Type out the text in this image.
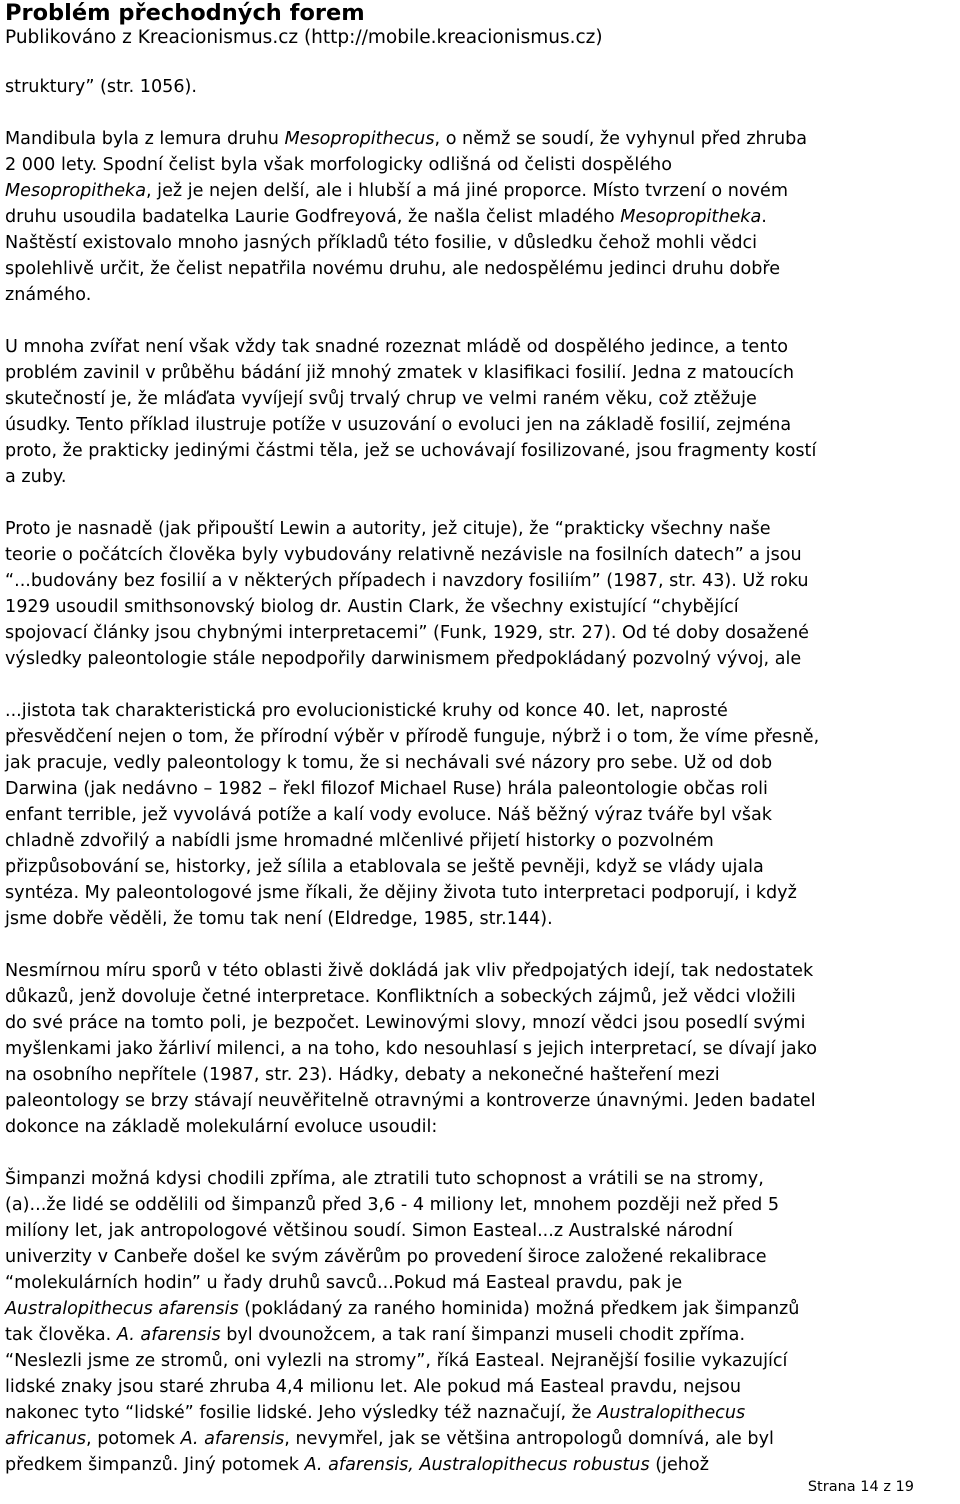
Problém přechodných forem
Publikováno z Kreacionismus.cz (http://mobile.kreacionismus.cz)
struktury” (str. 1056).
Mandibula byla z lemura druhu Mesopropithecus, o němž se soudí, že vyhynul před zhruba
2 000 lety. Spodní čelist byla však morfologicky odlišná od čelisti dospělého
Mesopropitheka, jež je nejen delší, ale i hlubší a má jiné proporce. Místo tvrzení o novém
druhu usoudila badatelka Laurie Godfreyová, že našla čelist mladého Mesopropitheka.
Naštěstí existovalo mnoho jasných příkladů této fosilie, v důsledku čehož mohli vědci
spolehlivě určit, že čelist nepatřila novému druhu, ale nedospělému jedinci druhu dobře
známého.
U mnoha zvířat není však vždy tak snadné rozeznat mládě od dospělého jedince, a tento
problém zavinil v průběhu bádání již mnohý zmatek v klasifikaci fosilií. Jedna z matoucích
skutečností je, že mláďata vyvíjejí svůj trvalý chrup ve velmi raném věku, což ztěžuje
úsudky. Tento příklad ilustruje potíže v usuzování o evoluci jen na základě fosilií, zejména
proto, že prakticky jedinými částmi těla, jež se uchovávají fosilizované, jsou fragmenty kostí
a zuby.
Proto je nasnadě (jak připouští Lewin a autority, jež cituje), že “prakticky všechny naše
teorie o počátcích člověka byly vybudovány relativně nezávisle na fosilních datech” a jsou
“...budovány bez fosilií a v některých případech i navzdory fosiliím” (1987, str. 43). Už roku
1929 usoudil smithsonovský biolog dr. Austin Clark, že všechny existující “chybějící
spojovací články jsou chybnými interpretacemi” (Funk, 1929, str. 27). Od té doby dosažené
výsledky paleontologie stále nepodpořily darwinismem předpokládaný pozvolný vývoj, ale
...jistota tak charakteristická pro evolucionistické kruhy od konce 40. let, naprosté
přesvědčení nejen o tom, že přírodní výběr v přírodě funguje, nýbrž i o tom, že víme přesně,
jak pracuje, vedly paleontology k tomu, že si nechávali své názory pro sebe. Už od dob
Darwina (jak nedávno – 1982 – řekl filozof Michael Ruse) hrála paleontologie občas roli
enfant terrible, jež vyvolává potíže a kalí vody evoluce. Náš běžný výraz tváře byl však
chladně zdvořilý a nabídli jsme hromadné mlčenlivé přijetí historky o pozvolném
přizpůsobování se, historky, jež sílila a etablovala se ještě pevněji, když se vlády ujala
syntéza. My paleontologové jsme říkali, že dějiny života tuto interpretaci podporují, i když
jsme dobře věděli, že tomu tak není (Eldredge, 1985, str.144).
Nesmírnou míru sporů v této oblasti živě dokládá jak vliv předpojatých idejí, tak nedostatek
důkazů, jenž dovoluje četné interpretace. Konfliktních a sobeckých zájmů, jež vědci vložili
do své práce na tomto poli, je bezpočet. Lewinovými slovy, mnozí vědci jsou posedlí svými
myšlenkami jako žárliví milenci, a na toho, kdo nesouhlasí s jejich interpretací, se dívají jako
na osobního nepřítele (1987, str. 23). Hádky, debaty a nekonečné hašteření mezi
paleontology se brzy stávají neuvěřitelně otravnými a kontroverze únavnými. Jeden badatel
dokonce na základě molekulární evoluce usoudil:
Šimpanzi možná kdysi chodili zpříma, ale ztratili tuto schopnost a vrátili se na stromy,
(a)...že lidé se oddělili od šimpanzů před 3,6 - 4 miliony let, mnohem později než před 5
milíony let, jak antropologové většinou soudí. Simon Easteal...z Australské národní
univerzity v Canbeře došel ke svým závěrům po provedení široce založené rekalibrace
“molekulárních hodin” u řady druhů savců...Pokud má Easteal pravdu, pak je
Australopithecus afarensis (pokládaný za raného hominida) možná předkem jak šimpanzů
tak člověka. A. afarensis byl dvounožcem, a tak raní šimpanzi museli chodit zpříma.
“Neslezli jsme ze stromů, oni vylezli na stromy”, říká Easteal. Nejranější fosilie vykazující
lidské znaky jsou staré zhruba 4,4 milionu let. Ale pokud má Easteal pravdu, nejsou
nakonec tyto “lidské” fosilie lidské. Jeho výsledky též naznačují, že Australopithecus
africanus, potomek A. afarensis, nevymřel, jak se většina antropologů domnívá, ale byl
předkem šimpanzů. Jiný potomek A. afarensis, Australopithecus robustus (jehož
Strana 14 z 19
